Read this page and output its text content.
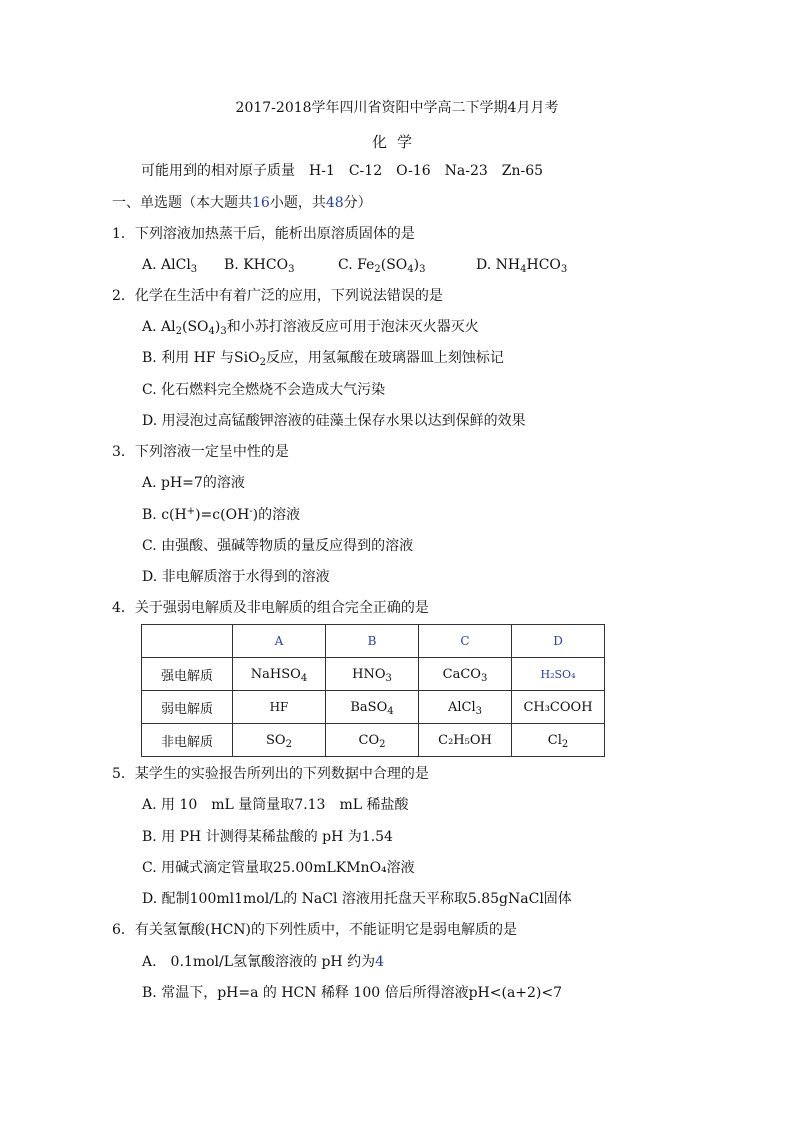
2017-2018学年四川省资阳中学高二下学期4月月考
化学
可能用到的相对原子质量　H-1　C-12　O-16　Na-23　Zn-65
一、单选题（本大题共16小题，共48分）
1．下列溶液加热蒸干后，能析出原溶质固体的是
A. AlCl$_3$ B. $KHCO_3$	C. $Fe_2(SO_4)_3$	D. $NH_4HCO_3$
2．化学在生活中有着广泛的应用，下列说法错误的是
A. $Al_2(SO_4)_3$和小苏打溶液反应可用于泡沫灭火器灭火
B. 利用 HF 与SiO$_2$反应，用氢氟酸在玻璃器皿上刻蚀标记
C. 化石燃料完全燃烧不会造成大气污染
D. 用浸泡过高锰酸钾溶液的硅藻土保存水果以达到保鲜的效果
3．下列溶液一定呈中性的是
A. pH=7的溶液
B. c(H+)=c(OH-)的溶液
C. 由强酸、强碱等物质的量反应得到的溶液
D. 非电解质溶于水得到的溶液
4．关于强弱电解质及非电解质的组合完全正确的是
	A	B	C	D
强电解质	NaHSO$_4$	$HNO_3$	CaCO$_3$	H₂SO₄
弱电解质	HF	BaSO$_4$	AlCl$_3$	CH₃COOH
非电解质	$SO_2$	$CO_2$	C₂H₅OH	$Cl_2$
5．某学生的实验报告所列出的下列数据中合理的是
A. 用 10　mL 量筒量取7.13　mL 稀盐酸
B. 用 PH 计测得某稀盐酸的 pH 为1.54
C. 用碱式滴定管量取25.00mLKMnO₄溶液
D. 配制100ml1mol/L的 NaCl 溶液用托盘天平称取5.85gNaCl固体
6．有关氢氰酸(HCN)的下列性质中，不能证明它是弱电解质的是
A.　0.1mol/L氢氰酸溶液的 pH 约为4
B. 常温下，pH=a 的 HCN 稀释 100 倍后所得溶液pH<(a+2)<7
